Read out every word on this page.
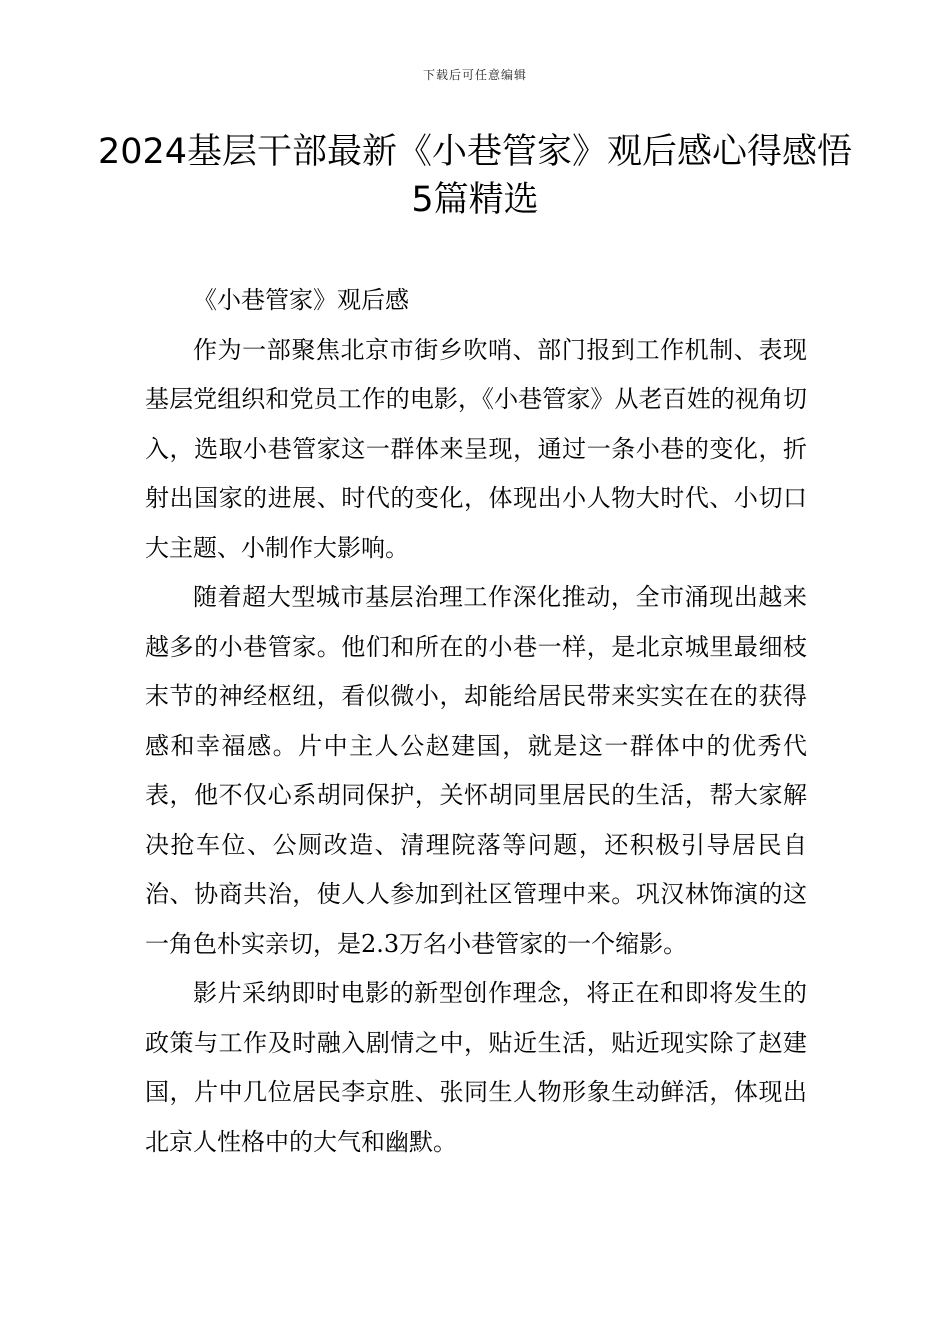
下载后可任意编辑
2024基层干部最新《小巷管家》观后感心得感悟5篇精选

《小巷管家》观后感

作为一部聚焦北京市街乡吹哨、部门报到工作机制、表现基层党组织和党员工作的电影，《小巷管家》从老百姓的视角切入，选取小巷管家这一群体来呈现，通过一条小巷的变化，折射出国家的进展、时代的变化，体现出小人物大时代、小切口大主题、小制作大影响。

随着超大型城市基层治理工作深化推动，全市涌现出越来越多的小巷管家。他们和所在的小巷一样，是北京城里最细枝末节的神经枢纽，看似微小，却能给居民带来实实在在的获得感和幸福感。片中主人公赵建国，就是这一群体中的优秀代表，他不仅心系胡同保护，关怀胡同里居民的生活，帮大家解决抢车位、公厕改造、清理院落等问题，还积极引导居民自治、协商共治，使人人参加到社区管理中来。巩汉林饰演的这一角色朴实亲切，是2.3万名小巷管家的一个缩影。

影片采纳即时电影的新型创作理念，将正在和即将发生的政策与工作及时融入剧情之中，贴近生活，贴近现实除了赵建国，片中几位居民李京胜、张同生人物形象生动鲜活，体现出北京人性格中的大气和幽默。
